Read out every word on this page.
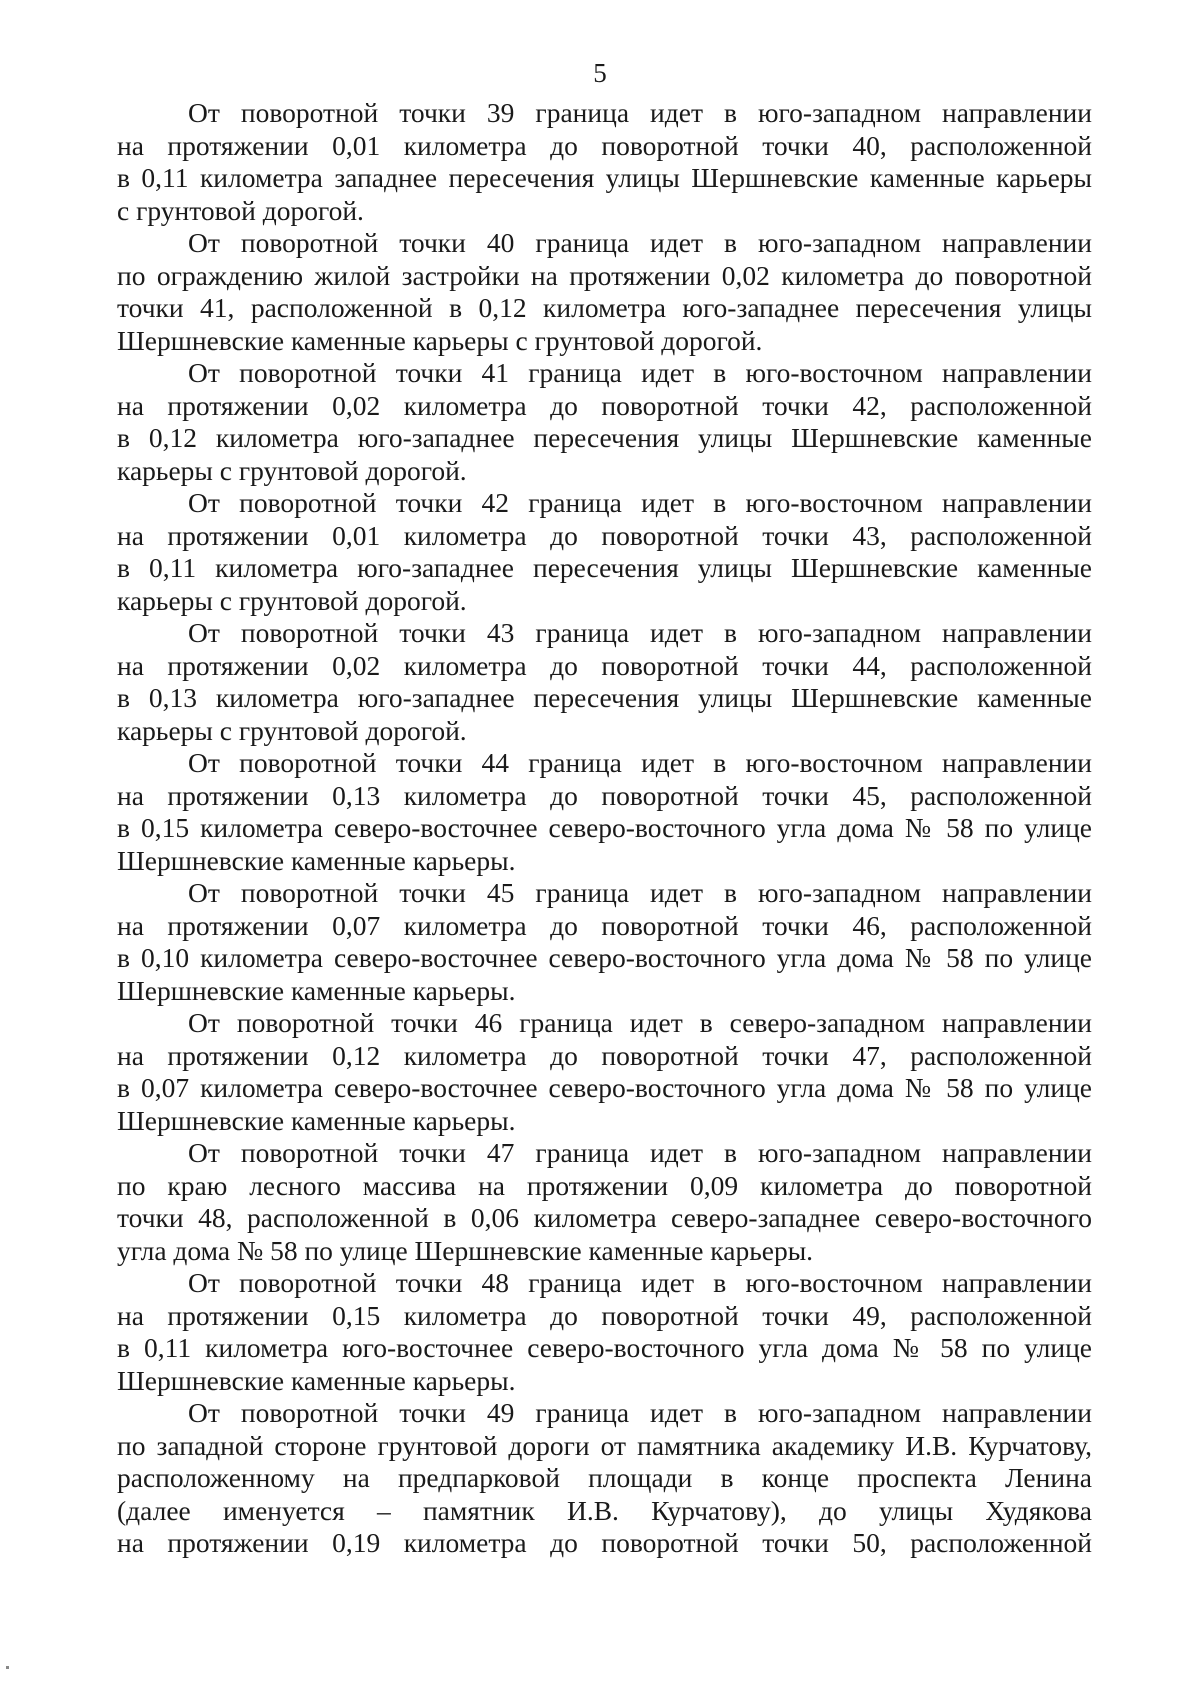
5
От поворотной точки 39 граница идет в юго-западном направлении
на протяжении 0,01 километра до поворотной точки 40, расположенной
в 0,11 километра западнее пересечения улицы Шершневские каменные карьеры
с грунтовой дорогой.
От поворотной точки 40 граница идет в юго-западном направлении
по ограждению жилой застройки на протяжении 0,02 километра до поворотной
точки 41, расположенной в 0,12 километра юго-западнее пересечения улицы
Шершневские каменные карьеры с грунтовой дорогой.
От поворотной точки 41 граница идет в юго-восточном направлении
на протяжении 0,02 километра до поворотной точки 42, расположенной
в 0,12 километра юго-западнее пересечения улицы Шершневские каменные
карьеры с грунтовой дорогой.
От поворотной точки 42 граница идет в юго-восточном направлении
на протяжении 0,01 километра до поворотной точки 43, расположенной
в 0,11 километра юго-западнее пересечения улицы Шершневские каменные
карьеры с грунтовой дорогой.
От поворотной точки 43 граница идет в юго-западном направлении
на протяжении 0,02 километра до поворотной точки 44, расположенной
в 0,13 километра юго-западнее пересечения улицы Шершневские каменные
карьеры с грунтовой дорогой.
От поворотной точки 44 граница идет в юго-восточном направлении
на протяжении 0,13 километра до поворотной точки 45, расположенной
в 0,15 километра северо-восточнее северо-восточного угла дома № 58 по улице
Шершневские каменные карьеры.
От поворотной точки 45 граница идет в юго-западном направлении
на протяжении 0,07 километра до поворотной точки 46, расположенной
в 0,10 километра северо-восточнее северо-восточного угла дома № 58 по улице
Шершневские каменные карьеры.
От поворотной точки 46 граница идет в северо-западном направлении
на протяжении 0,12 километра до поворотной точки 47, расположенной
в 0,07 километра северо-восточнее северо-восточного угла дома № 58 по улице
Шершневские каменные карьеры.
От поворотной точки 47 граница идет в юго-западном направлении
по краю лесного массива на протяжении 0,09 километра до поворотной
точки 48, расположенной в 0,06 километра северо-западнее северо-восточного
угла дома № 58 по улице Шершневские каменные карьеры.
От поворотной точки 48 граница идет в юго-восточном направлении
на протяжении 0,15 километра до поворотной точки 49, расположенной
в 0,11 километра юго-восточнее северо-восточного угла дома № 58 по улице
Шершневские каменные карьеры.
От поворотной точки 49 граница идет в юго-западном направлении
по западной стороне грунтовой дороги от памятника академику И.В. Курчатову,
расположенному на предпарковой площади в конце проспекта Ленина
(далее именуется – памятник И.В. Курчатову), до улицы Худякова
на протяжении 0,19 километра до поворотной точки 50, расположенной
